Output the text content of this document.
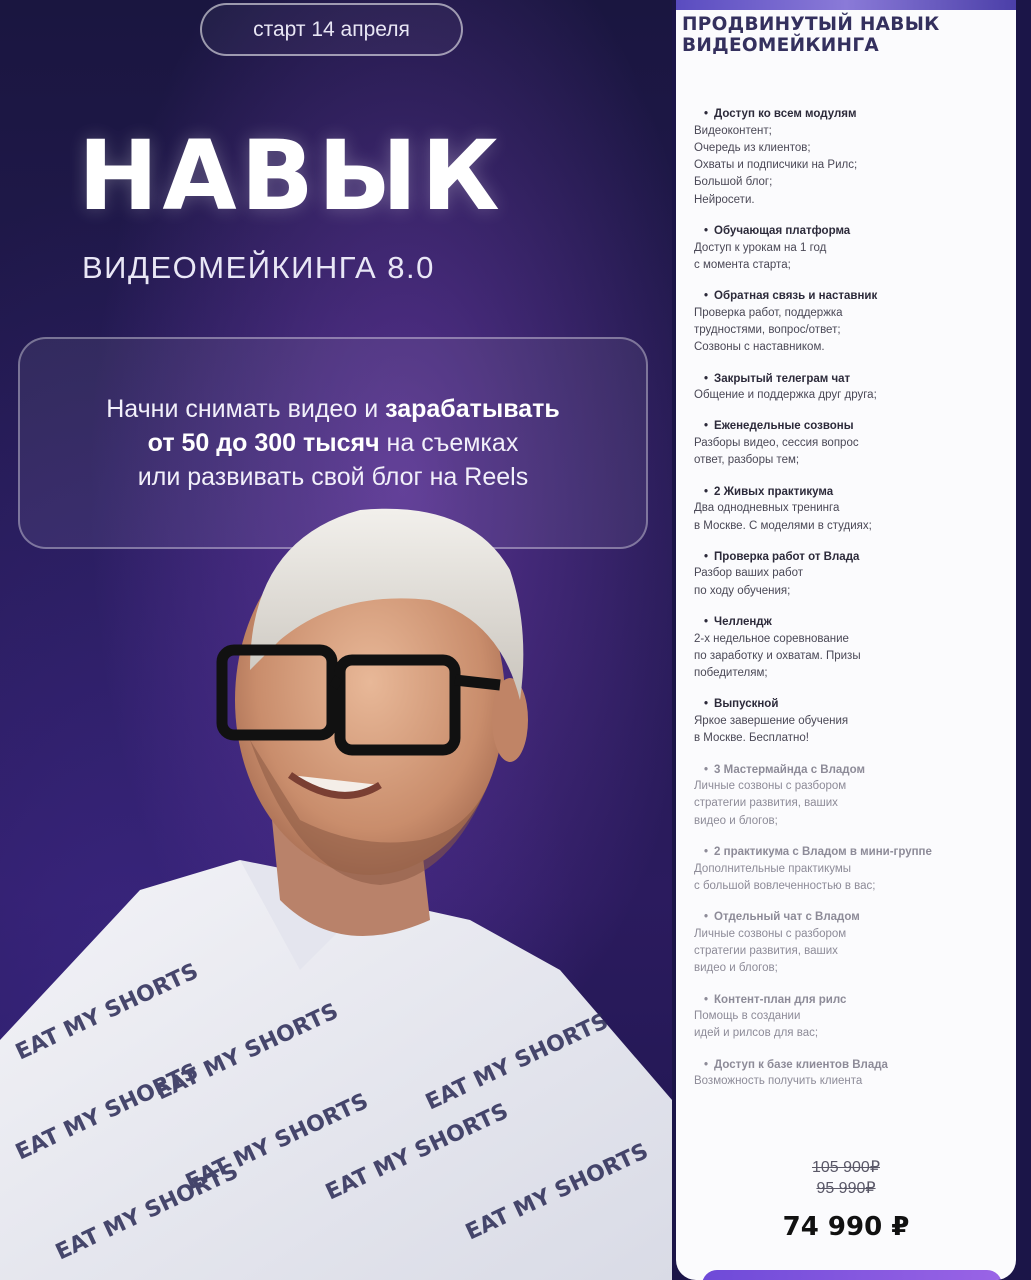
старт 14 апреля
НАВЫК
ВИДЕОМЕЙКИНГА 8.0
Начни снимать видео и зарабатывать
от 50 до 300 тысяч на съемках
или развивать свой блог на Reels
EAT MY SHORTS
EAT MY SHORTS
EAT MY SHORTS
EAT MY SHORTS
EAT MY SHORTS
EAT MY SHORTS
EAT MY SHORTS
EAT MY SHORTS
ПРОДВИНУТЫЙ НАВЫК
ВИДЕОМЕЙКИНГА
• Доступ ко всем модулям
Видеоконтент;
Очередь из клиентов;
Охваты и подписчики на Рилс;
Большой блог;
Нейросети.
• Обучающая платформа
Доступ к урокам на 1 год
с момента старта;
• Обратная связь и наставник
Проверка работ, поддержка
трудностями, вопрос/ответ;
Созвоны с наставником.
• Закрытый телеграм чат
Общение и поддержка друг друга;
• Еженедельные созвоны
Разборы видео, сессия вопрос
ответ, разборы тем;
• 2 Живых практикума
Два однодневных тренинга
в Москве. С моделями в студиях;
• Проверка работ от Влада
Разбор ваших работ
по ходу обучения;
• Челлендж
2-х недельное соревнование
по заработку и охватам. Призы
победителям;
• Выпускной
Яркое завершение обучения
в Москве. Бесплатно!
• 3 Мастермайнда с Владом
Личные созвоны с разбором
стратегии развития, ваших
видео и блогов;
• 2 практикума с Владом в мини-группе
Дополнительные практикумы
с большой вовлеченностью в вас;
• Отдельный чат с Владом
Личные созвоны с разбором
стратегии развития, ваших
видео и блогов;
• Контент-план для рилс
Помощь в создании
идей и рилсов для вас;
• Доступ к базе клиентов Влада
Возможность получить клиента
105 900₽
95 990₽
74 990 ₽
